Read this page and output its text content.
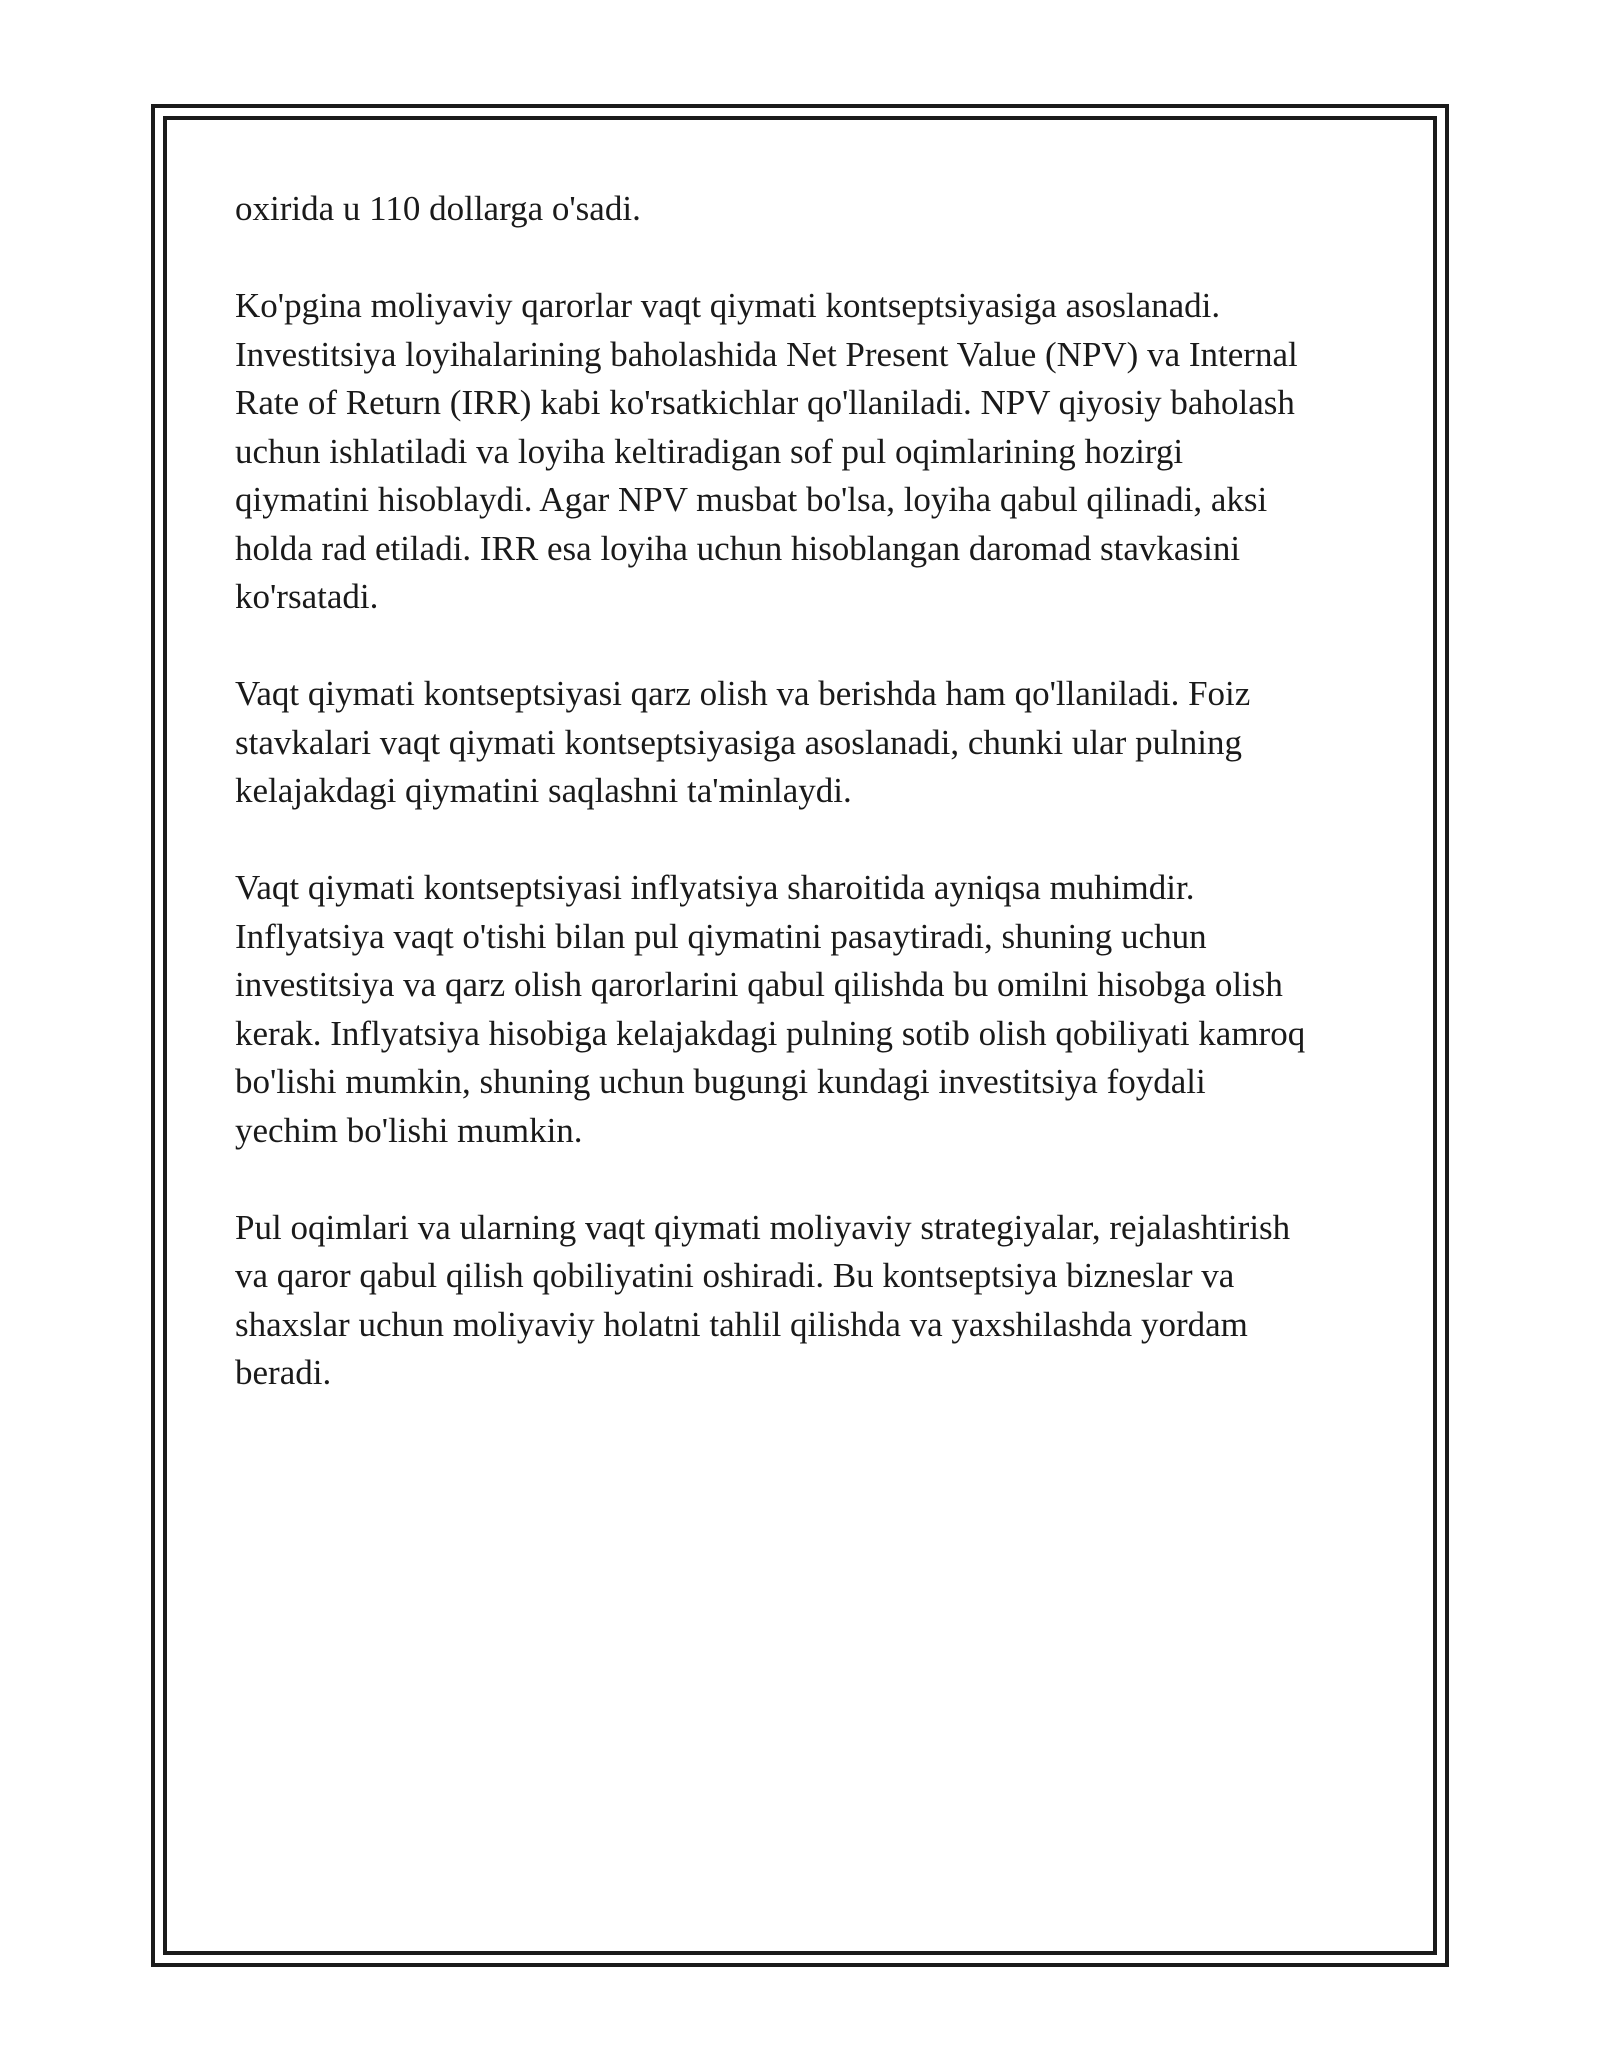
oxirida u 110 dollarga o'sadi.

Ko'pgina moliyaviy qarorlar vaqt qiymati kontseptsiyasiga asoslanadi.
Investitsiya loyihalarining baholashida Net Present Value (NPV) va Internal
Rate of Return (IRR) kabi ko'rsatkichlar qo'llaniladi. NPV qiyosiy baholash
uchun ishlatiladi va loyiha keltiradigan sof pul oqimlarining hozirgi
qiymatini hisoblaydi. Agar NPV musbat bo'lsa, loyiha qabul qilinadi, aksi
holda rad etiladi. IRR esa loyiha uchun hisoblangan daromad stavkasini
ko'rsatadi.

Vaqt qiymati kontseptsiyasi qarz olish va berishda ham qo'llaniladi. Foiz
stavkalari vaqt qiymati kontseptsiyasiga asoslanadi, chunki ular pulning
kelajakdagi qiymatini saqlashni ta'minlaydi.

Vaqt qiymati kontseptsiyasi inflyatsiya sharoitida ayniqsa muhimdir.
Inflyatsiya vaqt o'tishi bilan pul qiymatini pasaytiradi, shuning uchun
investitsiya va qarz olish qarorlarini qabul qilishda bu omilni hisobga olish
kerak. Inflyatsiya hisobiga kelajakdagi pulning sotib olish qobiliyati kamroq
bo'lishi mumkin, shuning uchun bugungi kundagi investitsiya foydali
yechim bo'lishi mumkin.

Pul oqimlari va ularning vaqt qiymati moliyaviy strategiyalar, rejalashtirish
va qaror qabul qilish qobiliyatini oshiradi. Bu kontseptsiya bizneslar va
shaxslar uchun moliyaviy holatni tahlil qilishda va yaxshilashda yordam
beradi.
